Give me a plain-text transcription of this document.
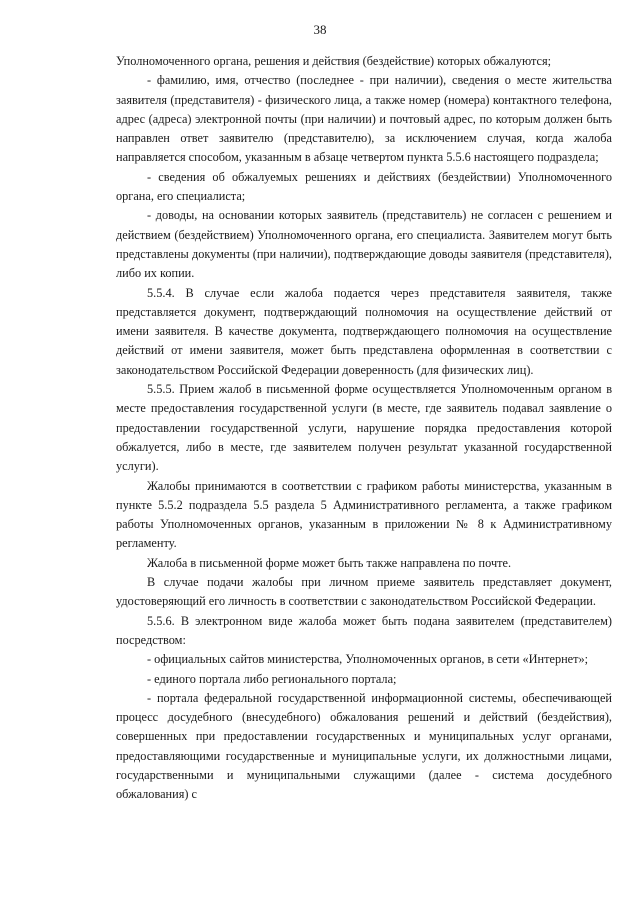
38

Уполномоченного органа, решения и действия (бездействие) которых обжалуются;

- фамилию, имя, отчество (последнее - при наличии), сведения о месте жительства заявителя (представителя) - физического лица, а также номер (номера) контактного телефона, адрес (адреса) электронной почты (при наличии) и почтовый адрес, по которым должен быть направлен ответ заявителю (представителю), за исключением случая, когда жалоба направляется способом, указанным в абзаце четвертом пункта 5.5.6 настоящего подраздела;

- сведения об обжалуемых решениях и действиях (бездействии) Уполномоченного органа, его специалиста;

- доводы, на основании которых заявитель (представитель) не согласен с решением и действием (бездействием) Уполномоченного органа, его специалиста. Заявителем могут быть представлены документы (при наличии), подтверждающие доводы заявителя (представителя), либо их копии.

5.5.4. В случае если жалоба подается через представителя заявителя, также представляется документ, подтверждающий полномочия на осуществление действий от имени заявителя. В качестве документа, подтверждающего полномочия на осуществление действий от имени заявителя, может быть представлена оформленная в соответствии с законодательством Российской Федерации доверенность (для физических лиц).

5.5.5. Прием жалоб в письменной форме осуществляется Уполномоченным органом в месте предоставления государственной услуги (в месте, где заявитель подавал заявление о предоставлении государственной услуги, нарушение порядка предоставления которой обжалуется, либо в месте, где заявителем получен результат указанной государственной услуги).

Жалобы принимаются в соответствии с графиком работы министерства, указанным в пункте 5.5.2 подраздела 5.5 раздела 5 Административного регламента, а также графиком работы Уполномоченных органов, указанным в приложении № 8 к Административному регламенту.

Жалоба в письменной форме может быть также направлена по почте.

В случае подачи жалобы при личном приеме заявитель представляет документ, удостоверяющий его личность в соответствии с законодательством Российской Федерации.

5.5.6. В электронном виде жалоба может быть подана заявителем (представителем) посредством:

- официальных сайтов министерства, Уполномоченных органов, в сети «Интернет»;

- единого портала либо регионального портала;

- портала федеральной государственной информационной системы, обеспечивающей процесс досудебного (внесудебного) обжалования решений и действий (бездействия), совершенных при предоставлении государственных и муниципальных услуг органами, предоставляющими государственные и муниципальные услуги, их должностными лицами, государственными и муниципальными служащими (далее - система досудебного обжалования) с
